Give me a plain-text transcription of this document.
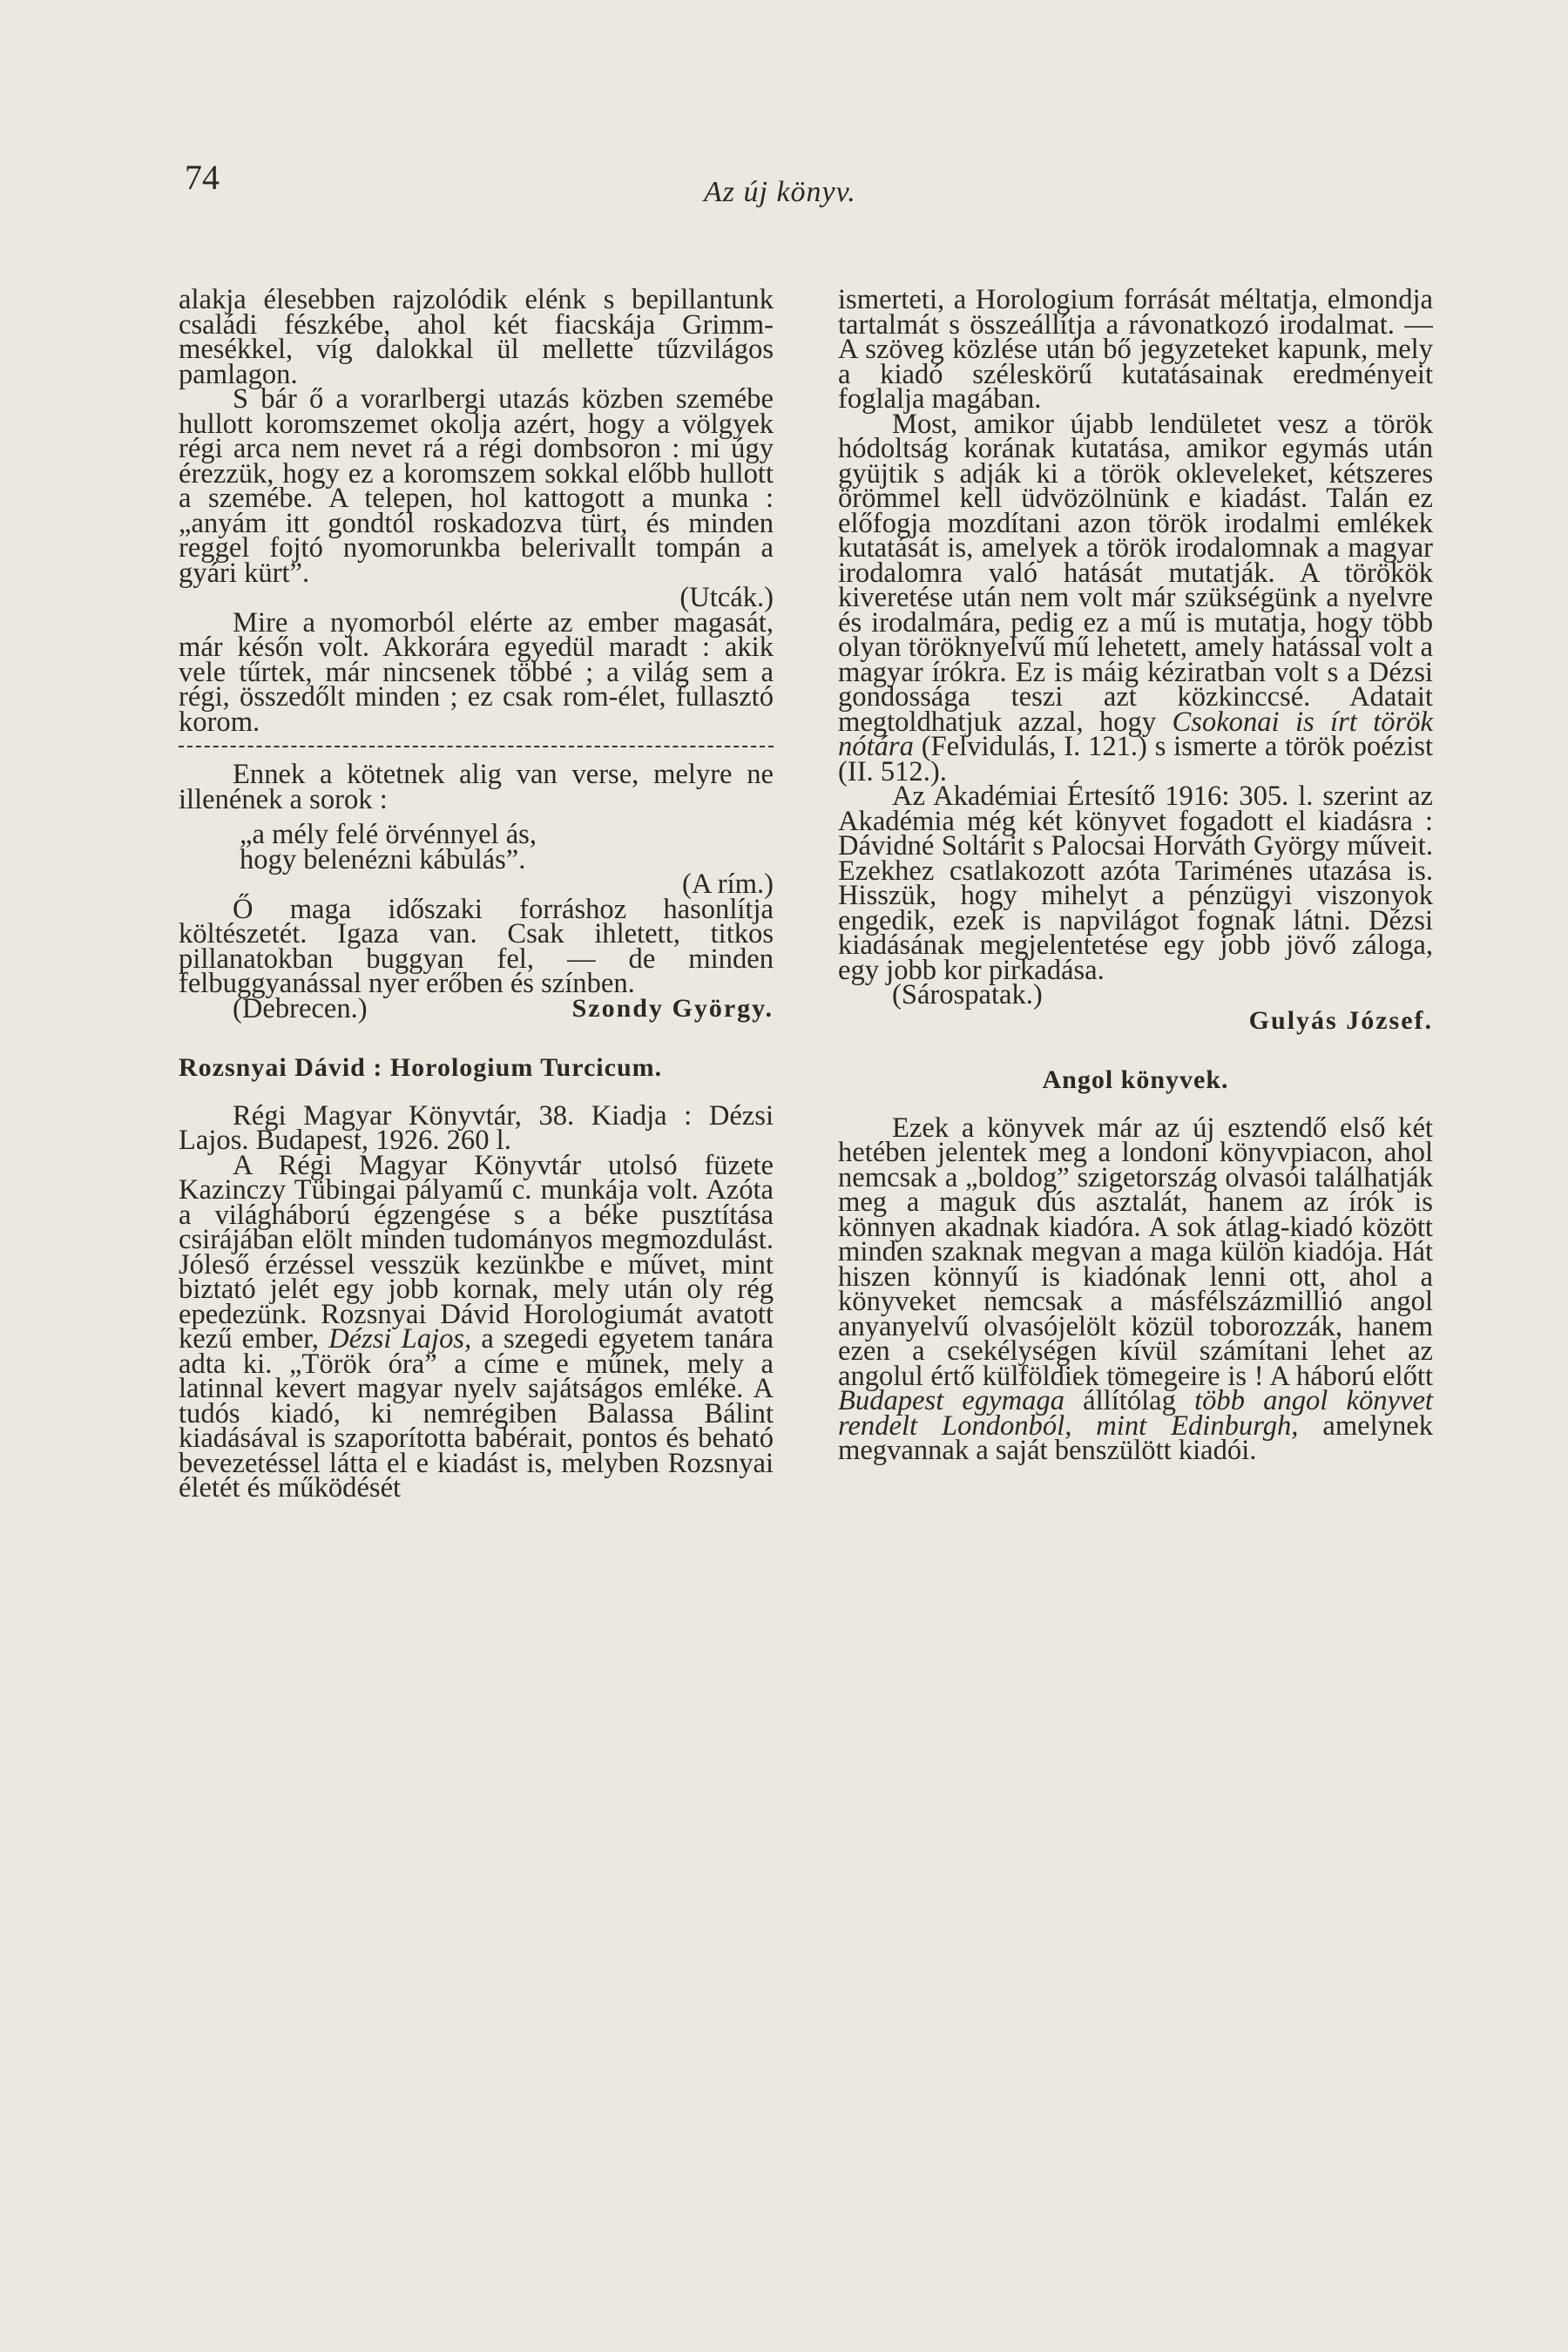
74	Az új könyv.

alakja élesebben rajzolódik elénk s bepillantunk családi fészkébe, ahol két fiacskája Grimm-mesékkel, víg dalokkal ül mellette tűzvilágos pamlagon.

S bár ő a vorarlbergi utazás közben szemébe hullott koromszemet okolja azért, hogy a völgyek régi arca nem nevet rá a régi dombsoron : mi úgy érezzük, hogy ez a koromszem sokkal előbb hullott a szemébe. A telepen, hol kattogott a munka : „anyám itt gondtól roskadozva türt, és minden reggel fojtó nyomorunkba belerivallt tompán a gyári kürt”.

(Utcák.)

Mire a nyomorból elérte az ember magasát, már későn volt. Akkorára egyedül maradt : akik vele tűrtek, már nincsenek többé ; a világ sem a régi, összedőlt minden ; ez csak rom-élet, fullasztó korom.

Ennek a kötetnek alig van verse, melyre ne illenének a sorok :

„a mély felé örvénnyel ás,
hogy belenézni kábulás”.

(A rím.)

Ő maga időszaki forráshoz hasonlítja költészetét. Igaza van. Csak ihletett, titkos pillanatokban buggyan fel, — de minden felbuggyanással nyer erőben és színben.

(Debrecen.)	Szondy György.
Rozsnyai Dávid : Horologium Turcicum.

Régi Magyar Könyvtár, 38. Kiadja : Dézsi Lajos. Budapest, 1926. 260 l.

A Régi Magyar Könyvtár utolsó füzete Kazinczy Tübingai pályamű c. munkája volt. Azóta a világháború égzengése s a béke pusztítása csirájában elölt minden tudományos megmozdulást. Jóleső érzéssel vesszük kezünkbe e művet, mint biztató jelét egy jobb kornak, mely után oly rég epedezünk. Rozsnyai Dávid Horologiumát avatott kezű ember, Dézsi Lajos, a szegedi egyetem tanára adta ki. „Török óra” a címe e műnek, mely a latinnal kevert magyar nyelv sajátságos emléke. A tudós kiadó, ki nemrégiben Balassa Bálint kiadásával is szaporította babérait, pontos és beható bevezetéssel látta el e kiadást is, melyben Rozsnyai életét és működését

ismerteti, a Horologium forrását méltatja, elmondja tartalmát s összeállítja a rávonatkozó irodalmat. — A szöveg közlése után bő jegyzeteket kapunk, mely a kiadó széleskörű kutatásainak eredményeit foglalja magában.

Most, amikor újabb lendületet vesz a török hódoltság korának kutatása, amikor egymás után gyüjtik s adják ki a török okleveleket, kétszeres örömmel kell üdvözölnünk e kiadást. Talán ez előfogja mozdítani azon török irodalmi emlékek kutatását is, amelyek a török irodalomnak a magyar irodalomra való hatását mutatják. A törökök kiveretése után nem volt már szükségünk a nyelvre és irodalmára, pedig ez a mű is mutatja, hogy több olyan töröknyelvű mű lehetett, amely hatással volt a magyar írókra. Ez is máig kéziratban volt s a Dézsi gondossága teszi azt közkinccsé. Adatait megtoldhatjuk azzal, hogy Csokonai is írt török nótára (Felvidulás, I. 121.) s ismerte a török poézist (II. 512.).

Az Akadémiai Értesítő 1916: 305. l. szerint az Akadémia még két könyvet fogadott el kiadásra : Dávidné Soltárit s Palocsai Horváth György műveit. Ezekhez csatlakozott azóta Tariménes utazása is. Hisszük, hogy mihelyt a pénzügyi viszonyok engedik, ezek is napvilágot fognak látni. Dézsi kiadásának megjelentetése egy jobb jövő záloga, egy jobb kor pirkadása.

(Sárospatak.)

Gulyás József.

Angol könyvek.

Ezek a könyvek már az új esztendő első két hetében jelentek meg a londoni könyvpiacon, ahol nemcsak a „boldog” szigetország olvasói találhatják meg a maguk dús asztalát, hanem az írók is könnyen akadnak kiadóra. A sok átlag-kiadó között minden szaknak megvan a maga külön kiadója. Hát hiszen könnyű is kiadónak lenni ott, ahol a könyveket nemcsak a másfélszázmillió angol anyanyelvű olvasójelölt közül toborozzák, hanem ezen a csekélységen kívül számítani lehet az angolul értő külföldiek tömegeire is ! A háború előtt Budapest egymaga állítólag több angol könyvet rendelt Londonból, mint Edinburgh, amelynek megvannak a saját benszülött kiadói.
